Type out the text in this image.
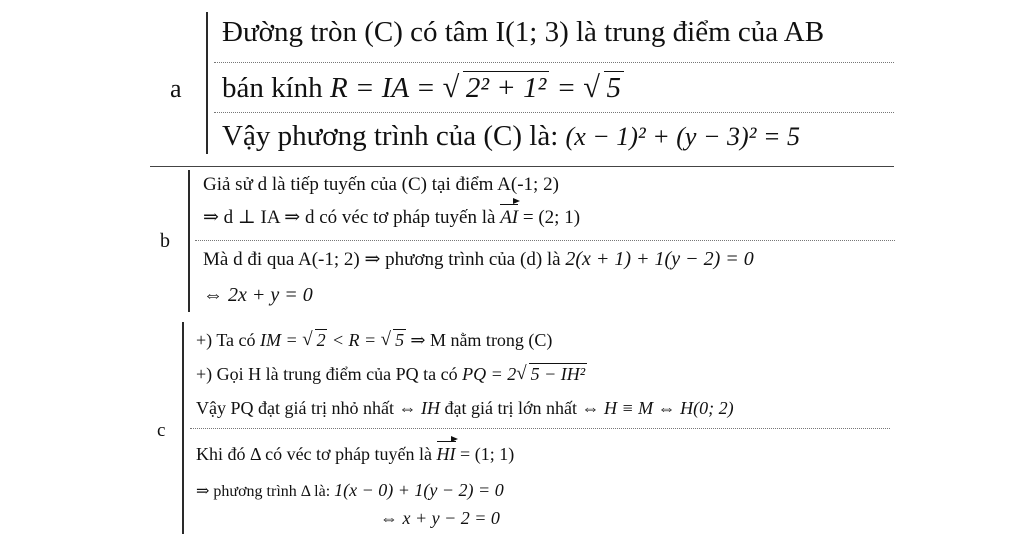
a
b
c
Đường tròn (C) có tâm I(1; 3) là trung điểm của AB
bán kính R = IA = √ 2² + 1² = √ 5
Vậy phương trình của (C) là: (x − 1)² + (y − 3)² = 5
Giả sử d là tiếp tuyến của (C) tại điểm A(-1; 2)
⇒ d ⊥ IA ⇒ d có véc tơ pháp tuyến là AI = (2; 1)
Mà d đi qua A(-1; 2) ⇒ phương trình của (d) là 2(x + 1) + 1(y − 2) = 0
⇔ 2x + y = 0
+) Ta có IM = √ 2 < R = √ 5 ⇒ M nằm trong (C)
+) Gọi H là trung điểm của PQ ta có PQ = 2√ 5 − IH²
Vậy PQ đạt giá trị nhỏ nhất ⇔ IH đạt giá trị lớn nhất ⇔ H ≡ M ⇔ H(0; 2)
Khi đó Δ có véc tơ pháp tuyến là HI = (1; 1)
⇒ phương trình Δ là: 1(x − 0) + 1(y − 2) = 0
⇔ x + y − 2 = 0
